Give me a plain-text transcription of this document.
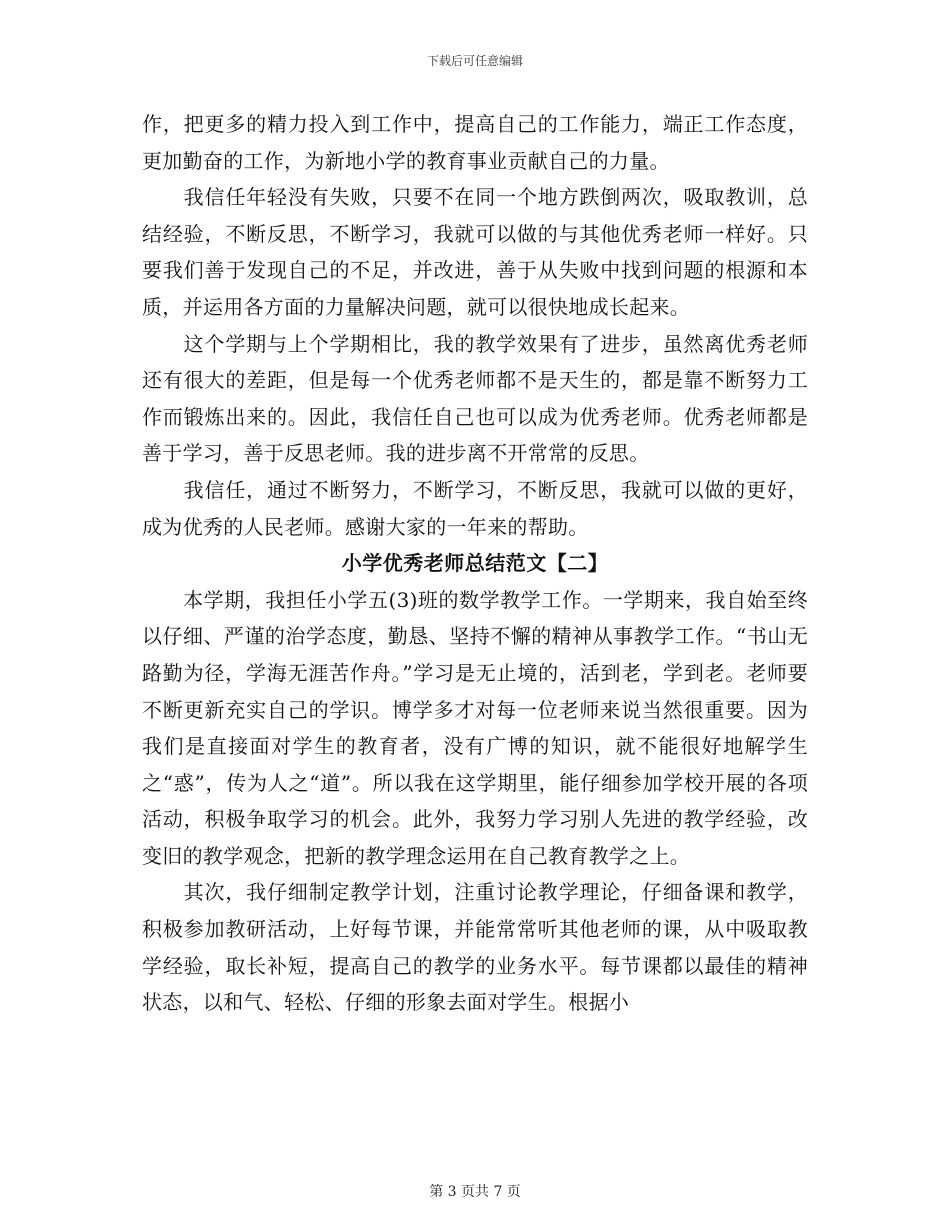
下载后可任意编辑

作，把更多的精力投入到工作中，提高自己的工作能力，端正工作态度，更加勤奋的工作，为新地小学的教育事业贡献自己的力量。

　　我信任年轻没有失败，只要不在同一个地方跌倒两次，吸取教训，总结经验，不断反思，不断学习，我就可以做的与其他优秀老师一样好。只要我们善于发现自己的不足，并改进，善于从失败中找到问题的根源和本质，并运用各方面的力量解决问题，就可以很快地成长起来。

　　这个学期与上个学期相比，我的教学效果有了进步，虽然离优秀老师还有很大的差距，但是每一个优秀老师都不是天生的，都是靠不断努力工作而锻炼出来的。因此，我信任自己也可以成为优秀老师。优秀老师都是善于学习，善于反思老师。我的进步离不开常常的反思。

　　我信任，通过不断努力，不断学习，不断反思，我就可以做的更好，成为优秀的人民老师。感谢大家的一年来的帮助。

小学优秀老师总结范文【二】

　　本学期，我担任小学五(3)班的数学教学工作。一学期来，我自始至终以仔细、严谨的治学态度，勤恳、坚持不懈的精神从事教学工作。“书山无路勤为径，学海无涯苦作舟。”学习是无止境的，活到老，学到老。老师要不断更新充实自己的学识。博学多才对每一位老师来说当然很重要。因为我们是直接面对学生的教育者，没有广博的知识，就不能很好地解学生之“惑”，传为人之“道”。所以我在这学期里，能仔细参加学校开展的各项活动，积极争取学习的机会。此外，我努力学习别人先进的教学经验，改变旧的教学观念，把新的教学理念运用在自己教育教学之上。

　　其次，我仔细制定教学计划，注重讨论教学理论，仔细备课和教学，积极参加教研活动，上好每节课，并能常常听其他老师的课，从中吸取教学经验，取长补短，提高自己的教学的业务水平。每节课都以最佳的精神状态，以和气、轻松、仔细的形象去面对学生。根据小

第 3 页共 7 页
